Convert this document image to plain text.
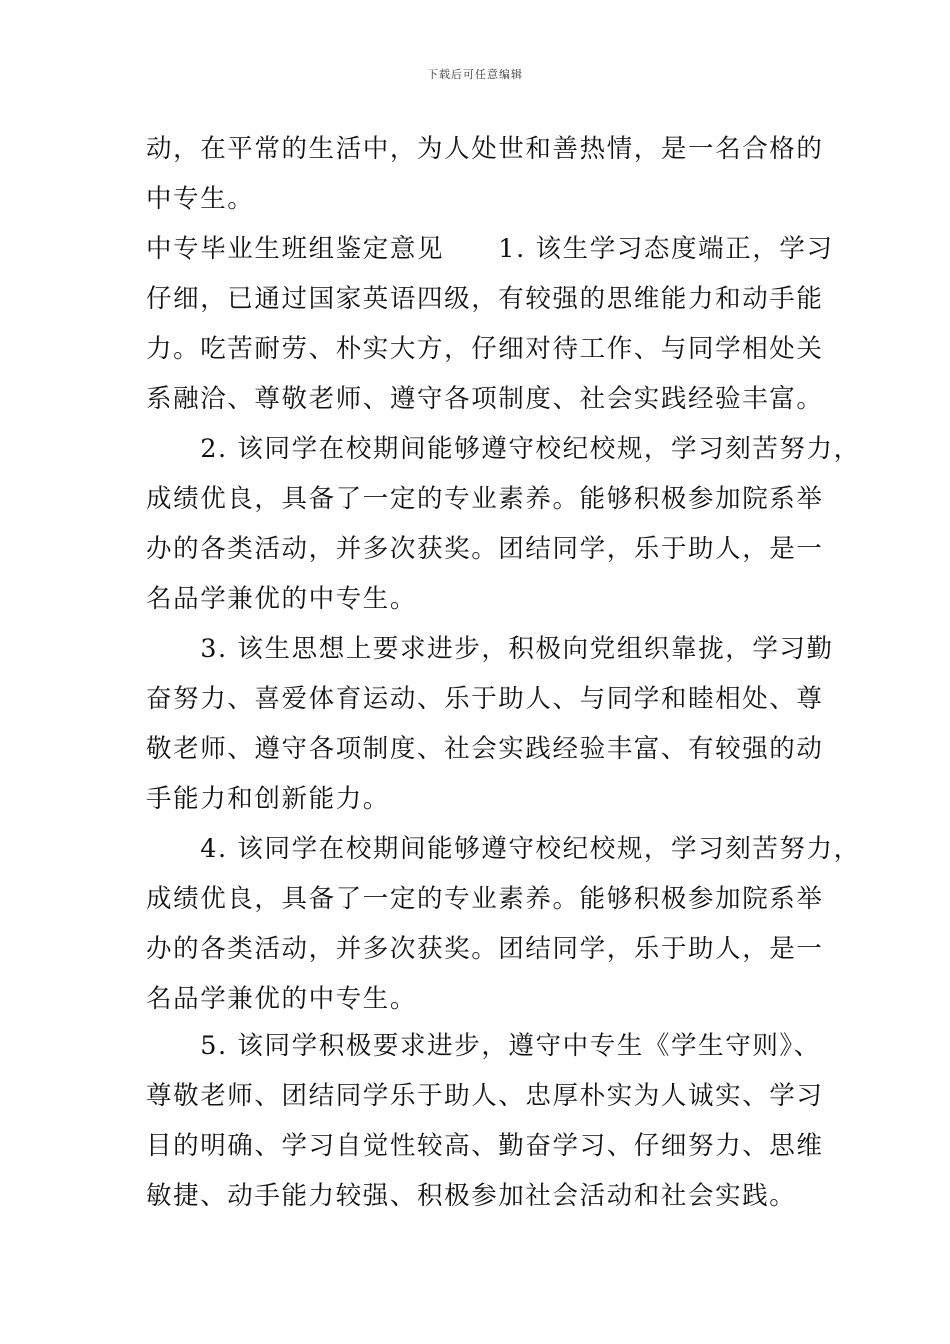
下载后可任意编辑
动，在平常的生活中，为人处世和善热情，是一名合格的
中专生。
中专毕业生班组鉴定意见　　1. 该生学习态度端正，学习
仔细，已通过国家英语四级，有较强的思维能力和动手能
力。吃苦耐劳、朴实大方，仔细对待工作、与同学相处关
系融洽、尊敬老师、遵守各项制度、社会实践经验丰富。
　　2. 该同学在校期间能够遵守校纪校规，学习刻苦努力，
成绩优良，具备了一定的专业素养。能够积极参加院系举
办的各类活动，并多次获奖。团结同学，乐于助人，是一
名品学兼优的中专生。
　　3. 该生思想上要求进步，积极向党组织靠拢，学习勤
奋努力、喜爱体育运动、乐于助人、与同学和睦相处、尊
敬老师、遵守各项制度、社会实践经验丰富、有较强的动
手能力和创新能力。
　　4. 该同学在校期间能够遵守校纪校规，学习刻苦努力，
成绩优良，具备了一定的专业素养。能够积极参加院系举
办的各类活动，并多次获奖。团结同学，乐于助人，是一
名品学兼优的中专生。
　　5. 该同学积极要求进步，遵守中专生《学生守则》、
尊敬老师、团结同学乐于助人、忠厚朴实为人诚实、学习
目的明确、学习自觉性较高、勤奋学习、仔细努力、思维
敏捷、动手能力较强、积极参加社会活动和社会实践。
